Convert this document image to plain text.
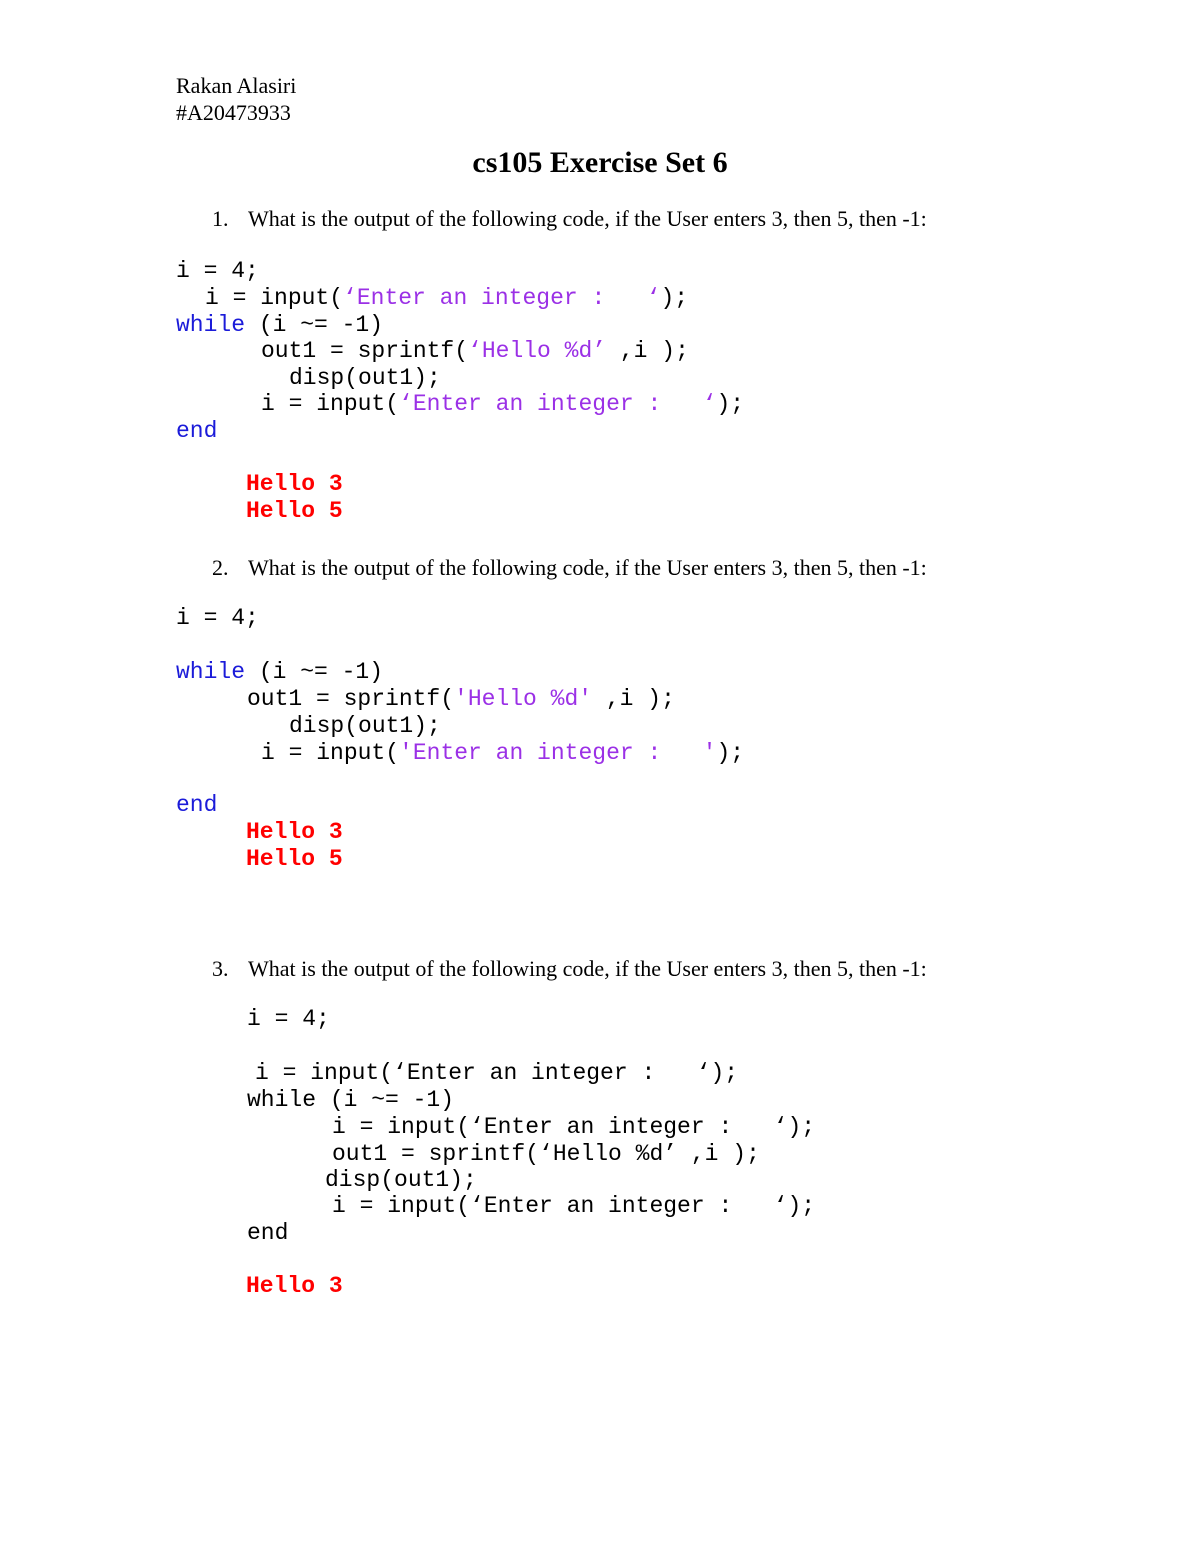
Rakan Alasiri
#A20473933
cs105 Exercise Set 6
1. What is the output of the following code, if the User enters 3, then 5, then -1:
i = 4;
i = input(‘Enter an integer :   ‘);
while (i ~= -1)
out1 = sprintf(‘Hello %d’ ,i );
disp(out1);
i = input(‘Enter an integer :   ‘);
end
Hello 3
Hello 5
2. What is the output of the following code, if the User enters 3, then 5, then -1:
i = 4;
while (i ~= -1)
out1 = sprintf('Hello %d' ,i );
disp(out1);
i = input('Enter an integer :   ');
end
Hello 3
Hello 5
3. What is the output of the following code, if the User enters 3, then 5, then -1:
i = 4;
i = input(‘Enter an integer :   ‘);
while (i ~= -1)
i = input(‘Enter an integer :   ‘);
out1 = sprintf(‘Hello %d’ ,i );
disp(out1);
i = input(‘Enter an integer :   ‘);
end
Hello 3
